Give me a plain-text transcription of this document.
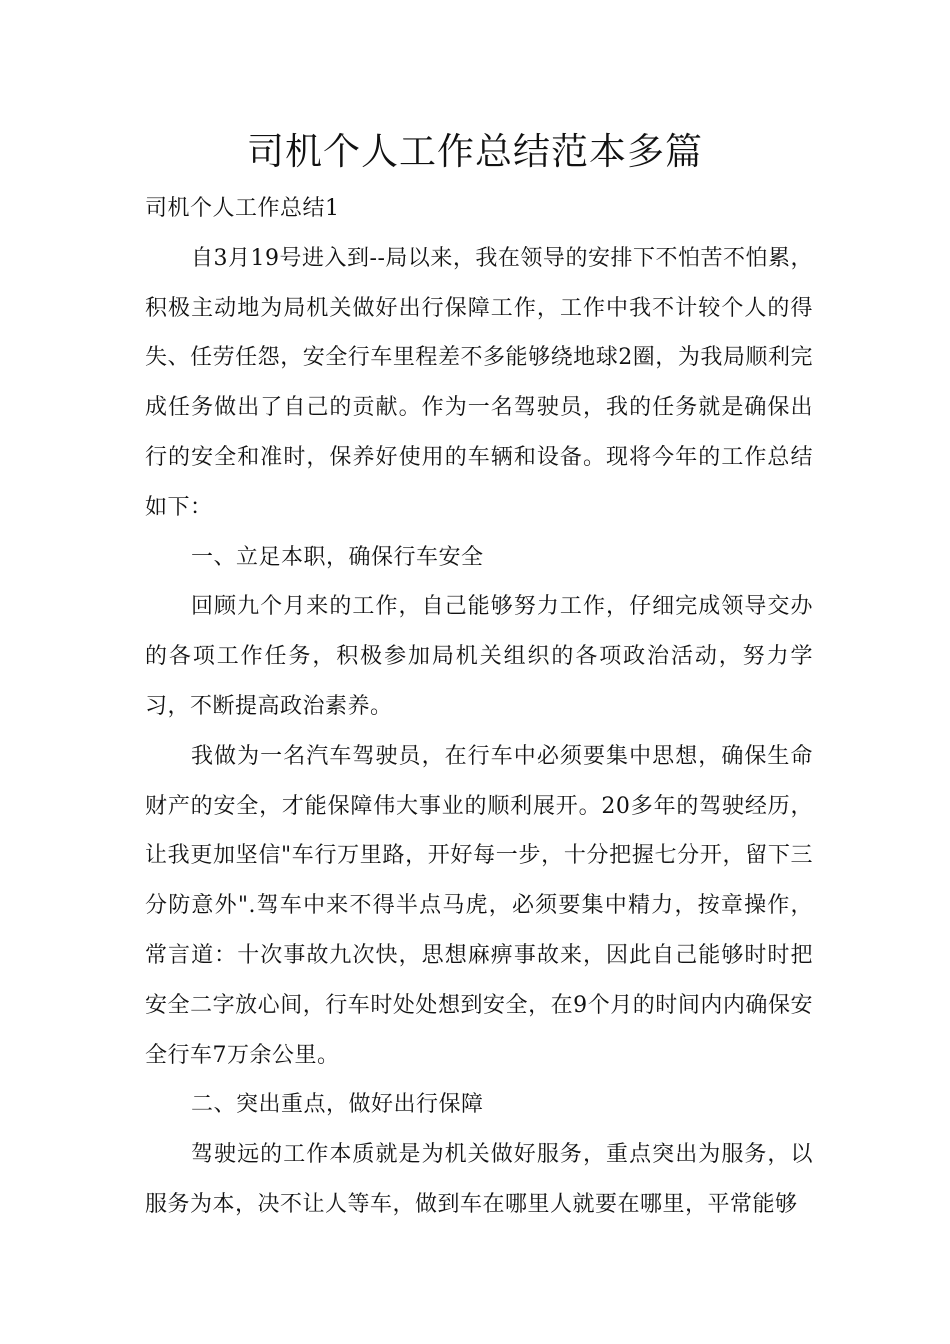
司机个人工作总结范本多篇

司机个人工作总结1

自3月19号进入到--局以来，我在领导的安排下不怕苦不怕累，积极主动地为局机关做好出行保障工作，工作中我不计较个人的得失、任劳任怨，安全行车里程差不多能够绕地球2圈，为我局顺利完成任务做出了自己的贡献。作为一名驾驶员，我的任务就是确保出行的安全和准时，保养好使用的车辆和设备。现将今年的工作总结如下：

一、立足本职，确保行车安全

回顾九个月来的工作，自己能够努力工作，仔细完成领导交办的各项工作任务，积极参加局机关组织的各项政治活动，努力学习，不断提高政治素养。

我做为一名汽车驾驶员，在行车中必须要集中思想，确保生命财产的安全，才能保障伟大事业的顺利展开。20多年的驾驶经历，让我更加坚信"车行万里路，开好每一步，十分把握七分开，留下三分防意外".驾车中来不得半点马虎，必须要集中精力，按章操作，常言道：十次事故九次快，思想麻痹事故来，因此自己能够时时把安全二字放心间，行车时处处想到安全，在9个月的时间内内确保安全行车7万余公里。

二、突出重点，做好出行保障

驾驶远的工作本质就是为机关做好服务，重点突出为服务，以服务为本，决不让人等车，做到车在哪里人就要在哪里，平常能够
